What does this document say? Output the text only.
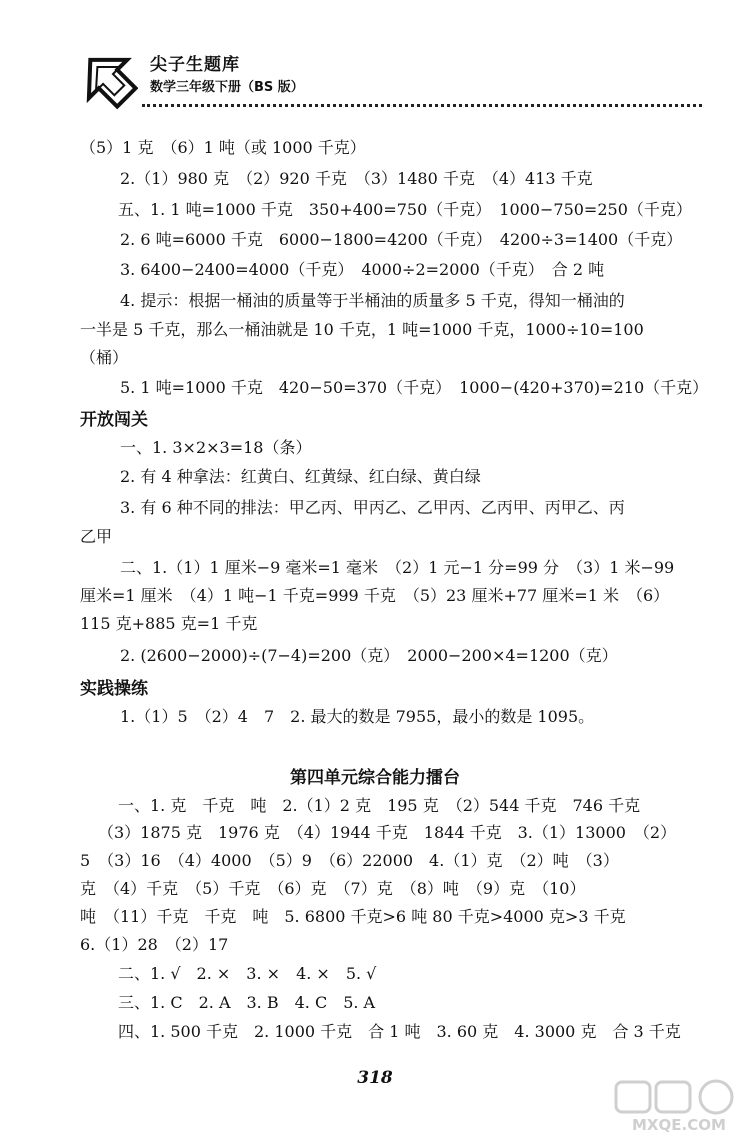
尖子生题库
数学三年级下册（BS 版）
（5）1 克　（6）1 吨（或 1000 千克）
2.（1）980 克　（2）920 千克　（3）1480 千克　（4）413 千克
五、1. 1 吨=1000 千克　350+400=750（千克）　1000−750=250（千克）
2. 6 吨=6000 千克　6000−1800=4200（千克）　4200÷3=1400（千克）
3. 6400−2400=4000（千克）　4000÷2=2000（千克）　合 2 吨
4. 提示：根据一桶油的质量等于半桶油的质量多 5 千克，得知一桶油的
一半是 5 千克，那么一桶油就是 10 千克，1 吨=1000 千克，1000÷10=100
（桶）
5. 1 吨=1000 千克　420−50=370（千克）　1000−(420+370)=210（千克）
开放闯关
一、1. 3×2×3=18（条）
2. 有 4 种拿法：红黄白、红黄绿、红白绿、黄白绿
3. 有 6 种不同的排法：甲乙丙、甲丙乙、乙甲丙、乙丙甲、丙甲乙、丙
乙甲
二、1.（1）1 厘米−9 毫米=1 毫米　（2）1 元−1 分=99 分　（3）1 米−99
厘米=1 厘米　（4）1 吨−1 千克=999 千克　（5）23 厘米+77 厘米=1 米　（6）
115 克+885 克=1 千克
2. (2600−2000)÷(7−4)=200（克）　2000−200×4=1200（克）
实践操练
1.（1）5　（2）4　7　2. 最大的数是 7955，最小的数是 1095。
第四单元综合能力擂台
一、1. 克　千克　吨　2.（1）2 克　195 克　（2）544 千克　746 千克
（3）1875 克　1976 克　（4）1944 千克　1844 千克　3.（1）13000　（2）
5　（3）16　（4）4000　（5）9　（6）22000　4.（1）克　（2）吨　（3）
克　（4）千克　（5）千克　（6）克　（7）克　（8）吨　（9）克　（10）
吨　（11）千克　千克　吨　5. 6800 千克>6 吨 80 千克>4000 克>3 千克
6.（1）28　（2）17
二、1. √　2. ×　3. ×　4. ×　5. √
三、1. C　2. A　3. B　4. C　5. A
四、1. 500 千克　2. 1000 千克　合 1 吨　3. 60 克　4. 3000 克　合 3 千克
318
MXQE.COM
